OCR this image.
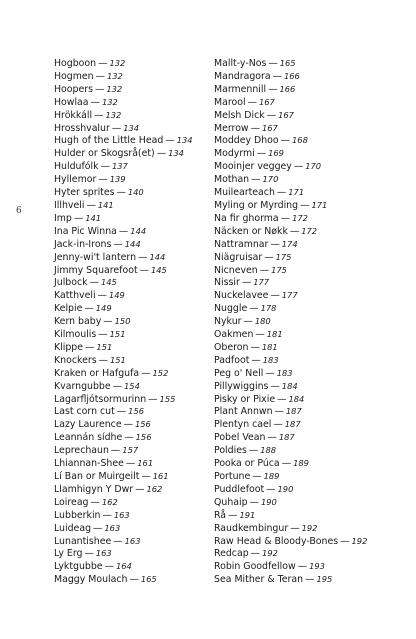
6
Hogboon — 132
Hogmen — 132
Hoopers — 132
Howlaa — 132
Hrökkáll — 132
Hrosshvalur — 134
Hugh of the Little Head — 134
Hulder or Skogsrå(et) — 134
Huldufólk — 137
Hyllemor — 139
Hyter sprites — 140
Illhveli — 141
Imp — 141
Ina Pic Winna — 144
Jack-in-Irons — 144
Jenny-wi't lantern — 144
Jimmy Squarefoot — 145
Julbock — 145
Katthveli — 149
Kelpie — 149
Kern baby — 150
Kilmoulis — 151
Klippe — 151
Knockers — 151
Kraken or Hafgufa — 152
Kvarngubbe — 154
Lagarfljótsormurinn — 155
Last corn cut — 156
Lazy Laurence — 156
Leannán sídhe — 156
Leprechaun — 157
Lhiannan-Shee — 161
Lí Ban or Muirgeilt — 161
Llamhigyn Y Dwr — 162
Loireag — 162
Lubberkin — 163
Luideag — 163
Lunantishee — 163
Ly Erg — 163
Lyktgubbe — 164
Maggy Moulach — 165
Mallt-y-Nos — 165
Mandragora — 166
Marmennill — 166
Marool — 167
Melsh Dick — 167
Merrow — 167
Moddey Dhoo — 168
Modyrmi — 169
Mooinjer veggey — 170
Mothan — 170
Muilearteach — 171
Myling or Myrding — 171
Na fir ghorma — 172
Näcken or Nøkk — 172
Nattramnar — 174
Niägruisar — 175
Nicneven — 175
Nissir — 177
Nuckelavee — 177
Nuggle — 178
Nykur — 180
Oakmen — 181
Oberon — 181
Padfoot — 183
Peg o' Nell — 183
Pillywiggins — 184
Pisky or Pixie — 184
Plant Annwn — 187
Plentyn cael — 187
Pobel Vean — 187
Poldies — 188
Pooka or Púca — 189
Portune — 189
Puddlefoot — 190
Quhaip — 190
Rå — 191
Raudkembingur — 192
Raw Head & Bloody-Bones — 192
Redcap — 192
Robin Goodfellow — 193
Sea Mither & Teran — 195
